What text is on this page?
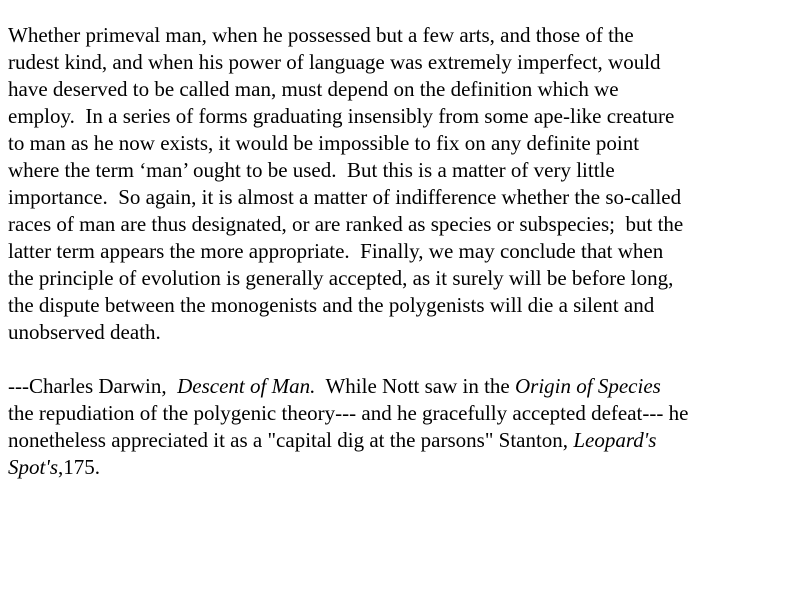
Whether primeval man, when he possessed but a few arts, and those of the
rudest kind, and when his power of language was extremely imperfect, would
have deserved to be called man, must depend on the definition which we
employ.  In a series of forms graduating insensibly from some ape-like creature
to man as he now exists, it would be impossible to fix on any definite point
where the term ‘man’ ought to be used.  But this is a matter of very little
importance.  So again, it is almost a matter of indifference whether the so-called
races of man are thus designated, or are ranked as species or subspecies;  but the
latter term appears the more appropriate.  Finally, we may conclude that when
the principle of evolution is generally accepted, as it surely will be before long,
the dispute between the monogenists and the polygenists will die a silent and
unobserved death.
---Charles Darwin,  Descent of Man.  While Nott saw in the Origin of Species
the repudiation of the polygenic theory--- and he gracefully accepted defeat--- he
nonetheless appreciated it as a "capital dig at the parsons" Stanton, Leopard's
Spot's,175.
